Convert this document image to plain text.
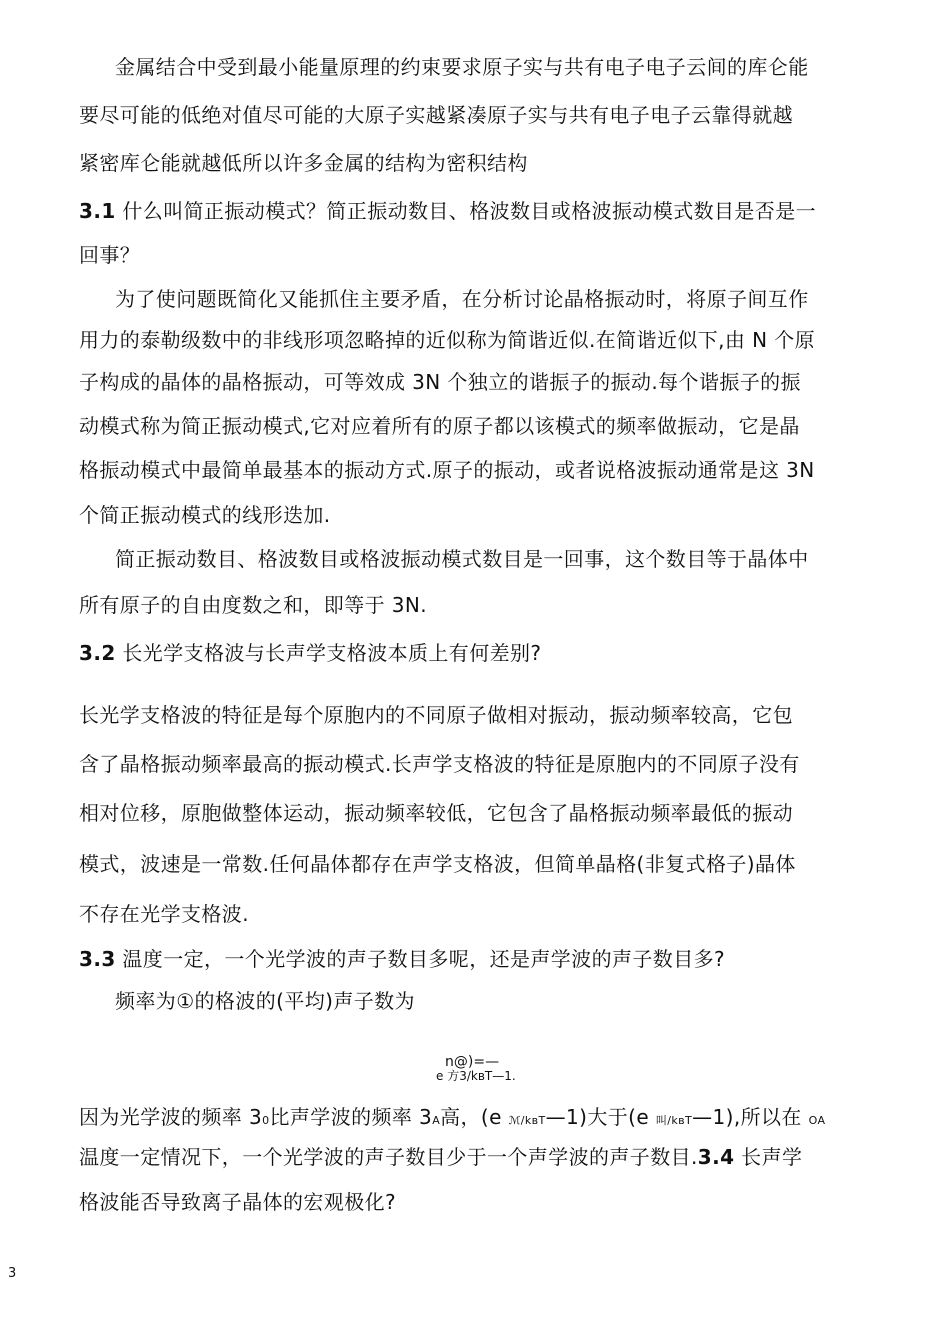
金属结合中受到最小能量原理的约束要求原子实与共有电子电子云间的库仑能
要尽可能的低绝对值尽可能的大原子实越紧凑原子实与共有电子电子云靠得就越
紧密库仑能就越低所以许多金属的结构为密积结构
3.1 什么叫简正振动模式？简正振动数目、格波数目或格波振动模式数目是否是一
回事？
为了使问题既简化又能抓住主要矛盾，在分析讨论晶格振动时，将原子间互作
用力的泰勒级数中的非线形项忽略掉的近似称为简谐近似.在简谐近似下,由 N 个原
子构成的晶体的晶格振动，可等效成 3N 个独立的谐振子的振动.每个谐振子的振
动模式称为简正振动模式,它对应着所有的原子都以该模式的频率做振动，它是晶
格振动模式中最简单最基本的振动方式.原子的振动，或者说格波振动通常是这 3N
个简正振动模式的线形迭加.
简正振动数目、格波数目或格波振动模式数目是一回事，这个数目等于晶体中
所有原子的自由度数之和，即等于 3N.
3.2 长光学支格波与长声学支格波本质上有何差别?
长光学支格波的特征是每个原胞内的不同原子做相对振动，振动频率较高，它包
含了晶格振动频率最高的振动模式.长声学支格波的特征是原胞内的不同原子没有
相对位移，原胞做整体运动，振动频率较低，它包含了晶格振动频率最低的振动
模式，波速是一常数.任何晶体都存在声学支格波，但简单晶格(非复式格子)晶体
不存在光学支格波.
3.3 温度一定，一个光学波的声子数目多呢，还是声学波的声子数目多?
频率为①的格波的(平均)声子数为
n@)=—
e 方3/kвT—1.
因为光学波的频率 30比声学波的频率 3A高，(e ℳ/kвT—1)大于(e 叫/kвT—1),所以在 OA
温度一定情况下，一个光学波的声子数目少于一个声学波的声子数目.3.4 长声学
格波能否导致离子晶体的宏观极化?
3
